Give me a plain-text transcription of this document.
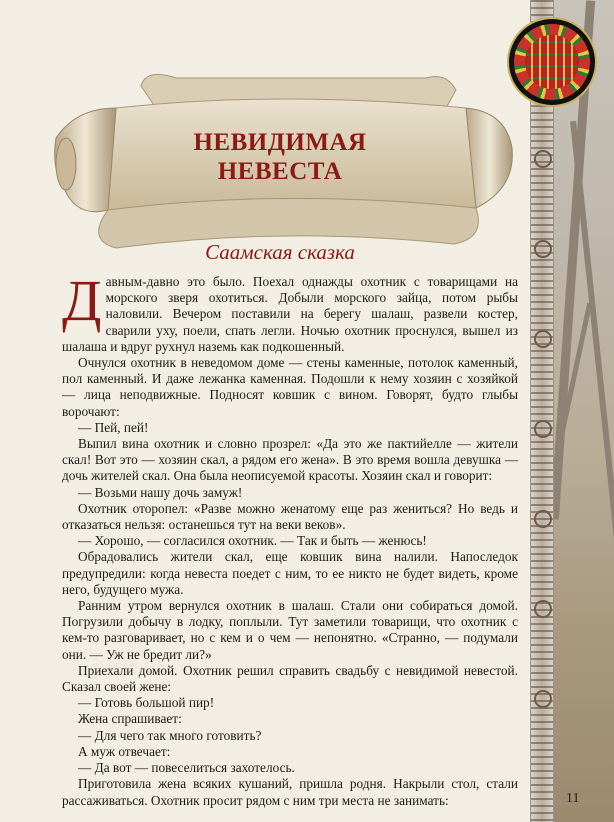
НЕВИДИМАЯ
НЕВЕСТА
Саамская сказка

Давным-давно это было. Поехал однажды охотник с товарищами на морского зверя охотиться. Добыли морского зайца, потом рыбы наловили. Вечером поставили на берегу шалаш, развели костер, сварили уху, поели, спать легли. Ночью охотник проснулся, вышел из шалаша и вдруг рухнул наземь как подкошенный.

Очнулся охотник в неведомом доме — стены каменные, потолок каменный, пол каменный. И даже лежанка каменная. Подошли к нему хозяин с хозяйкой — лица неподвижные. Подносят ковшик с вином. Говорят, будто глыбы ворочают:

— Пей, пей!

Выпил вина охотник и словно прозрел: «Да это же пактийелле — жители скал! Вот это — хозяин скал, а рядом его жена». В это время вошла девушка — дочь жителей скал. Она была неописуемой красоты. Хозяин скал и говорит:

— Возьми нашу дочь замуж!

Охотник оторопел: «Разве можно женатому еще раз жениться? Но ведь и отказаться нельзя: останешься тут на веки веков».

— Хорошо, — согласился охотник. — Так и быть — женюсь!

Обрадовались жители скал, еще ковшик вина налили. Напоследок предупредили: когда невеста поедет с ним, то ее никто не будет видеть, кроме него, будущего мужа.

Ранним утром вернулся охотник в шалаш. Стали они собираться домой. Погрузили добычу в лодку, поплыли. Тут заметили товарищи, что охотник с кем-то разговаривает, но с кем и о чем — непонятно. «Странно, — подумали они. — Уж не бредит ли?»

Приехали домой. Охотник решил справить свадьбу с невидимой невестой. Сказал своей жене:

— Готовь большой пир!

Жена спрашивает:

— Для чего так много готовить?

А муж отвечает:

— Да вот — повеселиться захотелось.

Приготовила жена всяких кушаний, пришла родня. Накрыли стол, стали рассаживаться. Охотник просит рядом с ним три места не занимать:	11
